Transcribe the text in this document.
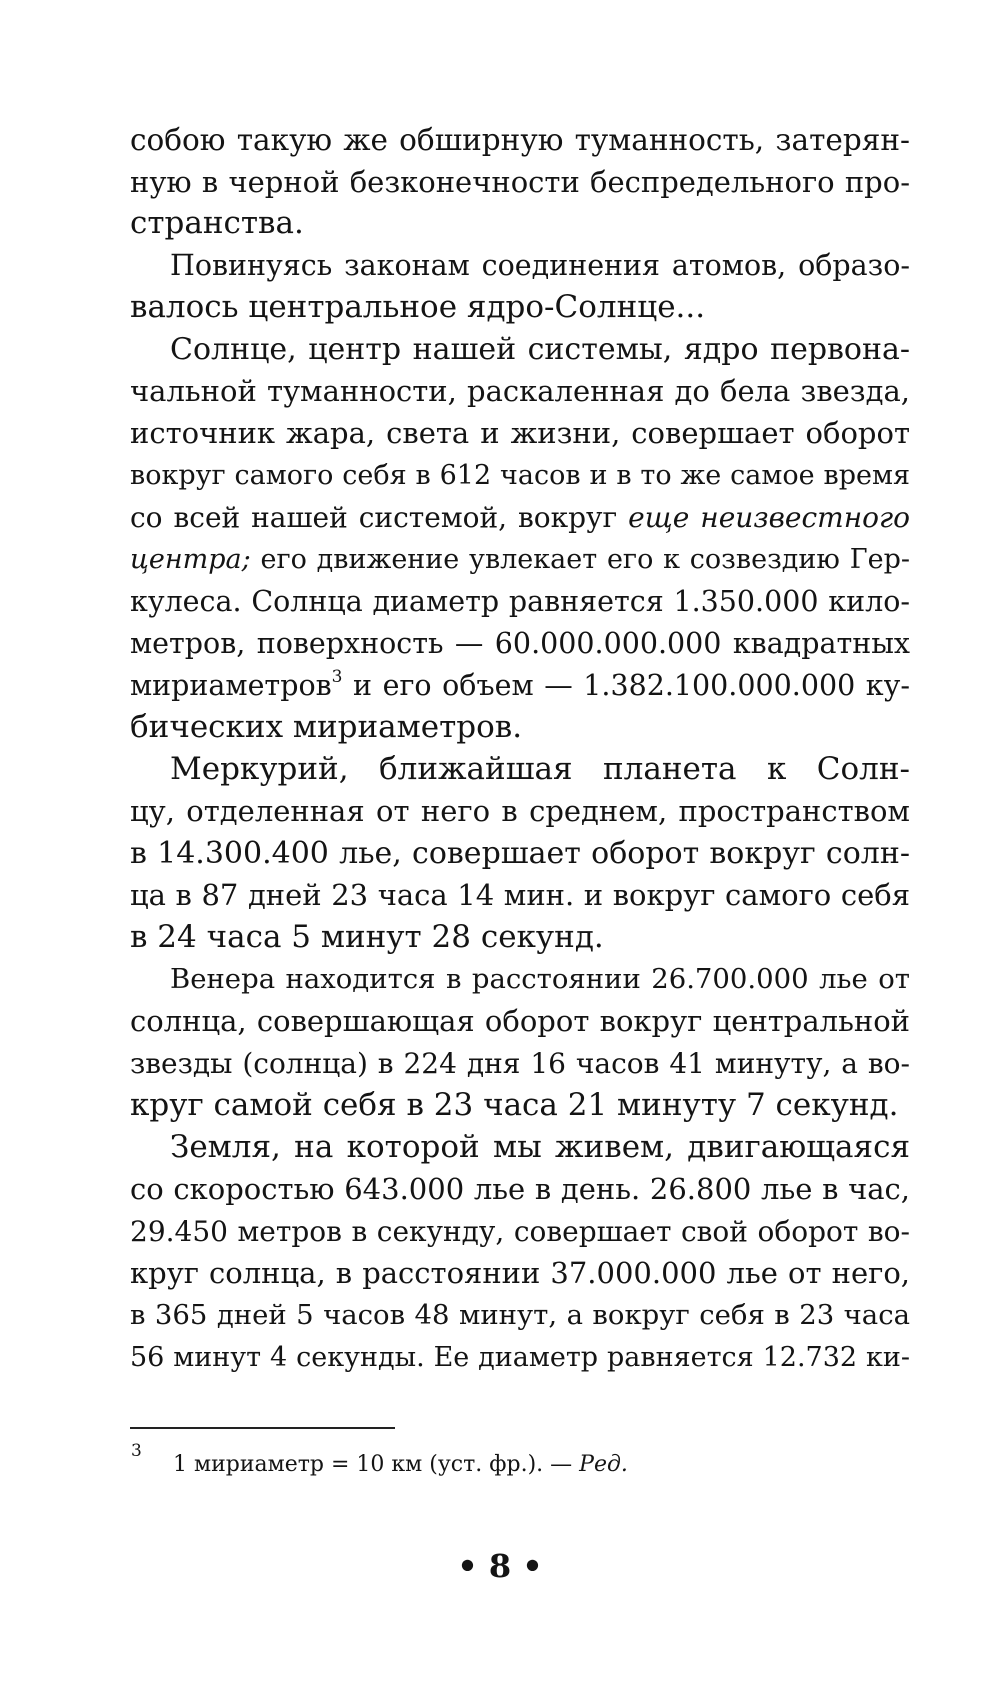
собою такую же обширную туманность, затерян-
ную в черной безконечности беспредельного про-
странства.
Повинуясь законам соединения атомов, образо-
валось центральное ядро-Солнце...
Солнце, центр нашей системы, ядро первона-
чальной туманности, раскаленная до бела звезда,
источник жара, света и жизни, совершает оборот
вокруг самого себя в 612 часов и в то же самое время
со всей нашей системой, вокруг еще неизвестного
центра; его движение увлекает его к созвездию Гер-
кулеса. Солнца диаметр равняется 1.350.000 кило-
метров, поверхность — 60.000.000.000 квадратных
мириаметров$^3$ и его объем — 1.382.100.000.000 ку-
бических мириаметров.
Меркурий, ближайшая планета к Солн-
цу, отделенная от него в среднем, пространством
в 14.300.400 лье, совершает оборот вокруг солн-
ца в 87 дней 23 часа 14 мин. и вокруг самого себя
в 24 часа 5 минут 28 секунд.
Венера находится в расстоянии 26.700.000 лье от
солнца, совершающая оборот вокруг центральной
звезды (солнца) в 224 дня 16 часов 41 минуту, а во-
круг самой себя в 23 часа 21 минуту 7 секунд.
Земля, на которой мы живем, двигающаяся
со скоростью 643.000 лье в день. 26.800 лье в час,
29.450 метров в секунду, совершает свой оборот во-
круг солнца, в расстоянии 37.000.000 лье от него,
в 365 дней 5 часов 48 минут, а вокруг себя в 23 часа
56 минут 4 секунды. Ее диаметр равняется 12.732 ки-
3
1 мириаметр = 10 км (уст. фр.). — Ред.
• 8 •
